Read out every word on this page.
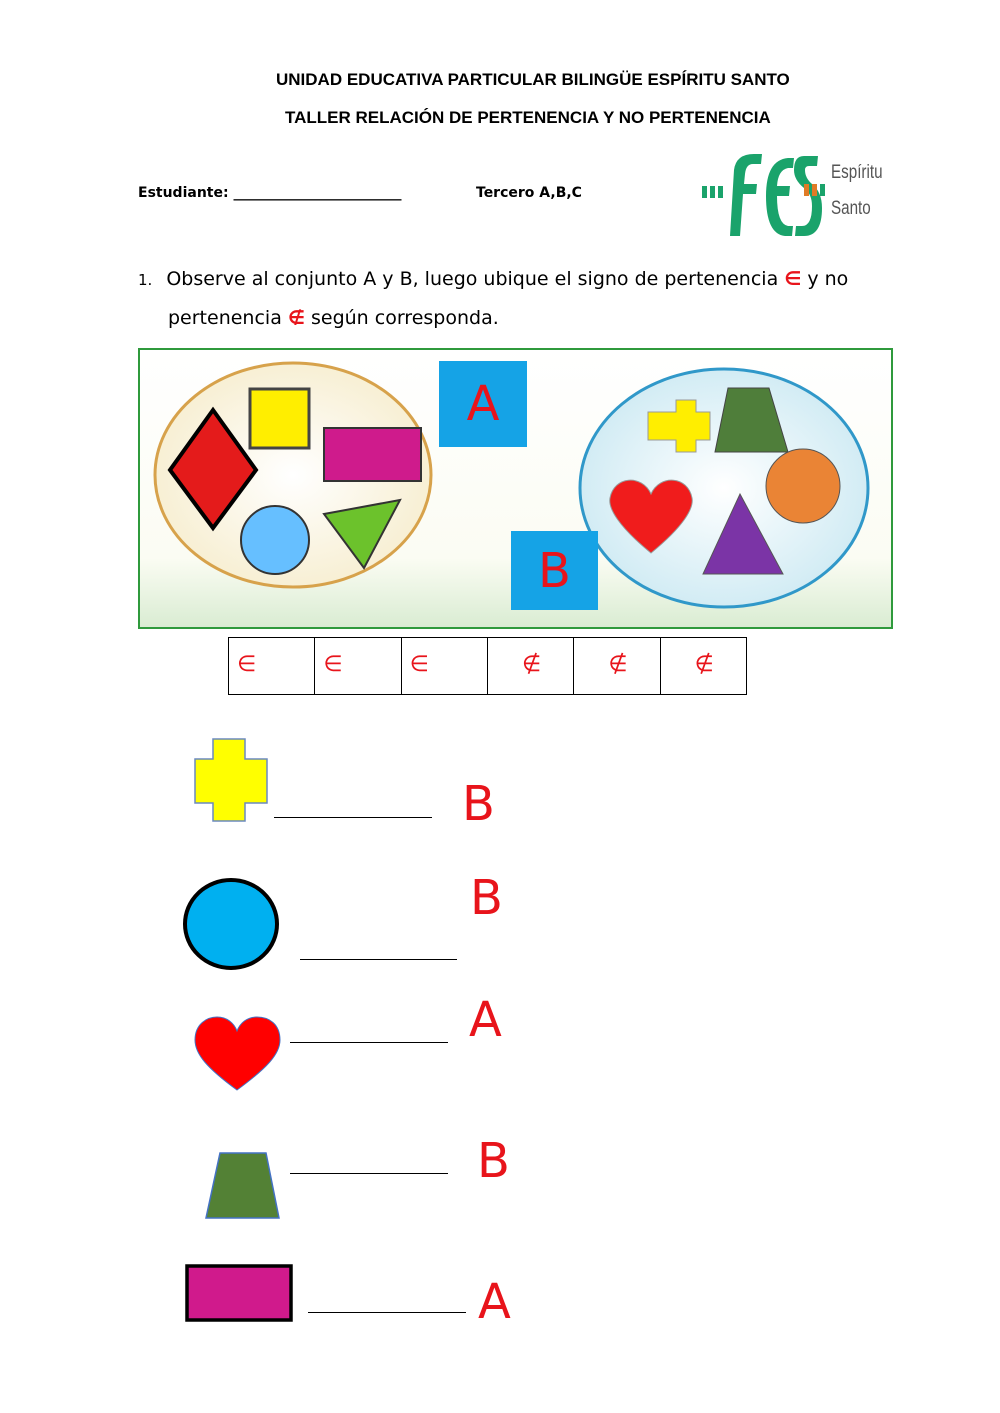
UNIDAD EDUCATIVA PARTICULAR BILINGÜE ESPÍRITU SANTO
TALLER RELACIÓN DE PERTENENCIA Y NO PERTENENCIA
Estudiante: ________________________	Tercero A,B,C
Espíritu
Santo
1. Observe al conjunto A y B, luego ubique el signo de pertenencia ∈ y no
pertenencia ∉ según corresponda.
A
B
∈	∈	∈	∉	∉	∉
B
B
A
B
A
